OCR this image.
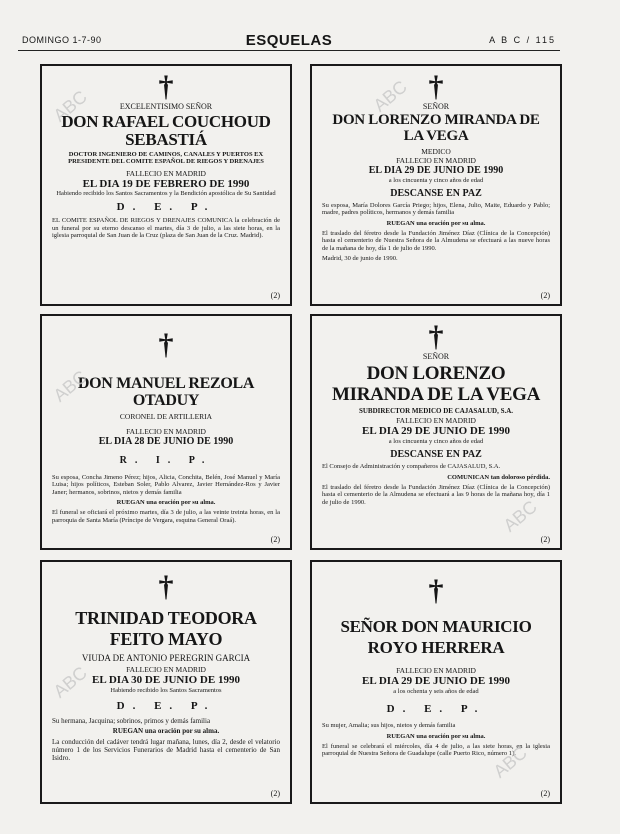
DOMINGO 1-7-90	ESQUELAS	A B C / 115
ABC
†
EXCELENTISIMO SEÑOR
DON RAFAEL COUCHOUD SEBASTIÁ
DOCTOR INGENIERO DE CAMINOS, CANALES Y PUERTOS EX PRESIDENTE DEL COMITE ESPAÑOL DE RIEGOS Y DRENAJES
FALLECIO EN MADRID
EL DIA 19 DE FEBRERO DE 1990
Habiendo recibido los Santos Sacramentos y la Bendición apostólica de Su Santidad
D. E. P.
EL COMITE ESPAÑOL DE RIEGOS Y DRENAJES COMUNICA la celebración de un funeral por su eterno descanso el martes, día 3 de julio, a las siete horas, en la iglesia parroquial de San Juan de la Cruz (plaza de San Juan de la Cruz. Madrid).
(2)
ABC †
SEÑOR
DON LORENZO MIRANDA DE LA VEGA
MEDICO
FALLECIO EN MADRID
EL DIA 29 DE JUNIO DE 1990
a los cincuenta y cinco años de edad
DESCANSE EN PAZ
Su esposa, María Dolores García Priego; hijos, Elena, Julio, Maite, Eduardo y Pablo; madre, padres políticos, hermanos y demás familia
RUEGAN una oración por su alma.
El traslado del féretro desde la Fundación Jiménez Díaz (Clínica de la Concepción) hasta el cementerio de Nuestra Señora de la Almudena se efectuará a las nueve horas de la mañana de hoy, día 1 de julio de 1990.
Madrid, 30 de junio de 1990.
(2)
ABC
†
DON MANUEL REZOLA OTADUY
CORONEL DE ARTILLERIA
FALLECIO EN MADRID
EL DIA 28 DE JUNIO DE 1990
R. I. P.
Su esposa, Concha Jimeno Pérez; hijos, Alicia, Conchita, Belén, José Manuel y María Luisa; hijos políticos, Esteban Soler, Pablo Alvarez, Javier Hernández-Ros y Javier Janer; hermanos, sobrinos, nietos y demás familia
RUEGAN una oración por su alma.
El funeral se oficiará el próximo martes, día 3 de julio, a las veinte treinta horas, en la parroquia de Santa María (Príncipe de Vergara, esquina General Oraá).
(2)
ABC
†
SEÑOR
DON LORENZO MIRANDA DE LA VEGA
SUBDIRECTOR MEDICO DE CAJASALUD, S.A.
FALLECIO EN MADRID
EL DIA 29 DE JUNIO DE 1990
a los cincuenta y cinco años de edad
DESCANSE EN PAZ
El Consejo de Administración y compañeros de CAJASALUD, S.A.
COMUNICAN tan doloroso pérdida.
El traslado del féretro desde la Fundación Jiménez Díaz (Clínica de la Concepción) hasta el cementerio de la Almudena se efectuará a las 9 horas de la mañana hoy, día 1 de julio de 1990.
(2)
ABC
†
TRINIDAD TEODORA FEITO MAYO
VIUDA DE ANTONIO PEREGRIN GARCIA
FALLECIO EN MADRID
EL DIA 30 DE JUNIO DE 1990
Habiendo recibido los Santos Sacramentos
D. E. P.
Su hermana, Jacquina; sobrinos, primos y demás familia
RUEGAN una oración por su alma.
La conducción del cadáver tendrá lugar mañana, lunes, día 2, desde el velatorio número 1 de los Servicios Funerarios de Madrid hasta el cementerio de San Isidro.
(2)
ABC
†
SEÑOR DON MAURICIO ROYO HERRERA
FALLECIO EN MADRID
EL DIA 29 DE JUNIO DE 1990
a los ochenta y seis años de edad
D. E. P.
Su mujer, Amalia; sus hijos, nietos y demás familia
RUEGAN una oración por su alma.
El funeral se celebrará el miércoles, día 4 de julio, a las siete horas, en la iglesia parroquial de Nuestra Señora de Guadalupe (calle Puerto Rico, número 1).
(2)
